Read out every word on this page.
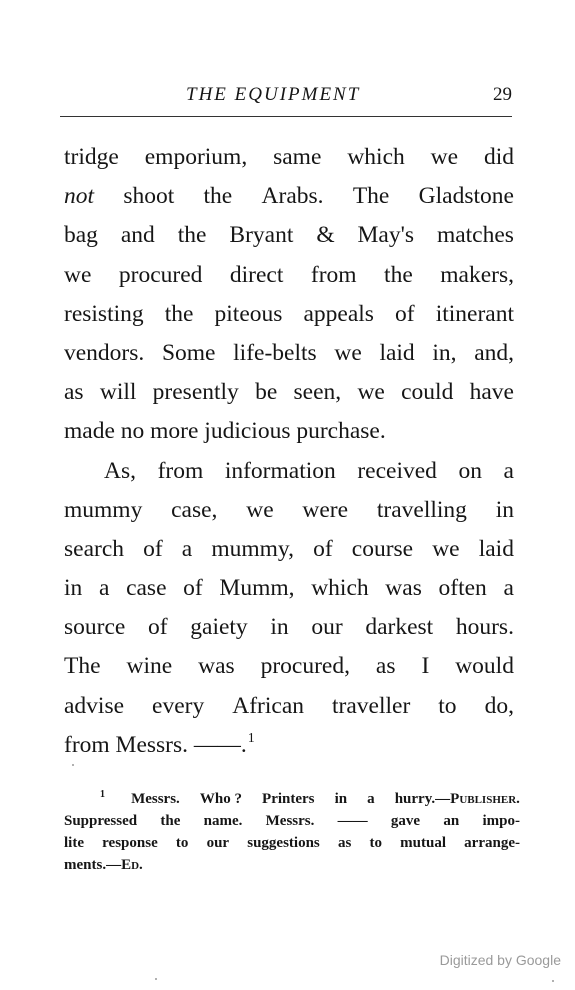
THE EQUIPMENT	29
tridge emporium, same which we did
not shoot the Arabs. The Gladstone
bag and the Bryant & May's matches
we procured direct from the makers,
resisting the piteous appeals of itinerant
vendors. Some life-belts we laid in, and,
as will presently be seen, we could have
made no more judicious purchase.
As, from information received on a
mummy case, we were travelling in
search of a mummy, of course we laid
in a case of Mumm, which was often a
source of gaiety in our darkest hours.
The wine was procured, as I would
advise every African traveller to do,
from Messrs. ——.$^1$
1 Messrs. Who ? Printers in a hurry.—Publisher.
Suppressed the name. Messrs. —— gave an impo-
lite response to our suggestions as to mutual arrange-
ments.—Ed.
Digitized by Google
